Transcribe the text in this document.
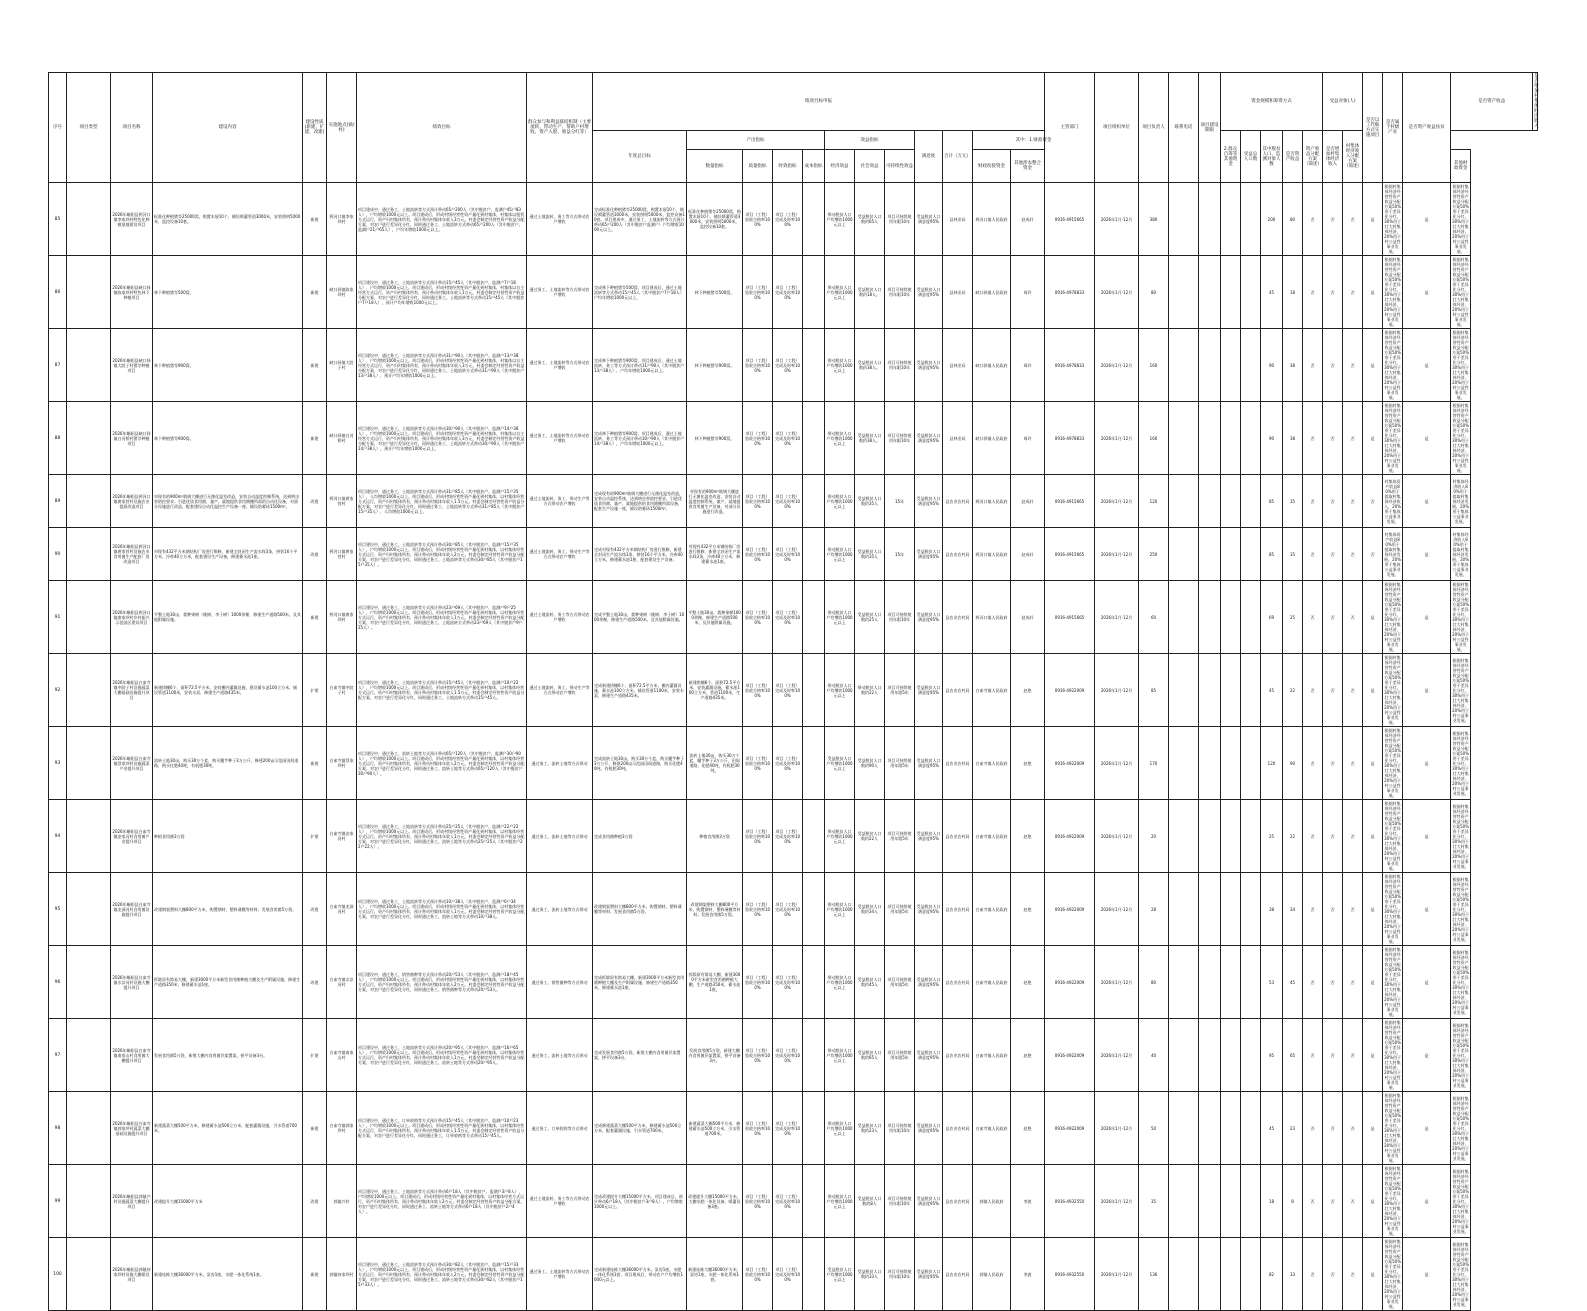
序号	项目类型	项目名称	建设内容	建设性质(新建、扩建、改建)	实施地点(镇/村)	绩效目标	群众参与和利益联结机制（主要流转、带动生产、帮助户村增收、资产入股、收益分红等）	绩效目标申报												主管部门	项目组织单位	项目负责人	联系电话	项目建设期限	资金规模和筹资方式					受益对象(人)		是否以工代赈方式实施项目	是否属于村级产业	是否资产收益扶贫	是否资产收益	是否增加村集体经济收入
								年度总目标	产出指标				效益指标			满意度	合计（万元）	其中：1.财政资金							2.群众自筹等其他资金	受益总人口数	其中脱贫人口、监测对象人数	是否资产收益	资产收益分配方案（简述）	是否增加村集体经济收入	村集体经济收入分配方案（简述）					
									数量指标	质量指标	时效指标	成本指标	经济效益	社会效益	可持续性效益			财政衔接资金	其他涉农整合资金																其他财政资金	
85		2026年略阳县两河口镇李家坝村特色化种植基地建设项目	标准化种植猪苓25000窝，购置木屐10个，铺设喷灌管道3000米，安装照明5000米，监控设备10套。	新建	两河口镇李家坝村	项目建成中，通过务工、土地流转等方式预计带动65户200人（其中脱贫户、监测户45户83人），户均增收1000元以上。项目建成后，形成村级经营性资产量化到村集体，村集体以租赁方式运行，资产归村集体所有，预计带动村集体年收入3万元。村委会制定经营性资产收益分配方案，对农户进行差异化分红，同时通过务工、土地流转方式带动65户200人（其中脱贫户、监测户21户65人），户均年增收1000元以上。	通过土地流转、务工等方式带动农户增收	完成标准化种植猪苓25000窝，购置木屐10个，铺设喷灌管道3000米，安装照明5000米，监控设备10套。项目建成中，通过务工、土地流转等方式预计带动65户200人（其中脱贫户监测户）户均增收1000元以上。	标准化种植猪苓25000窝，购置木屐10个，铺设喷灌管道3000米，安装照明5000米，监控设备10套。	项目（工程）验收合格率100%	项目（工程）完成及时率100%		带动脱贫人口户均增收1000元以上	受益脱贫人口数约65人	项目可持续使用年限10年	受益脱贫人口满意度95%	县林业局	两河口镇人民政府	赵成轩	0916-4915665	2026年1月-12月	380					200	80	否	否	否	是	根据村集体经济经营性资产收益分配方案50%用于差异化分红，30%用于壮大村集体经济，20%用于村公益性事业发展。	是	根据村集体经济经营性资产收益分配方案50%用于差异化分红，30%用于壮大村集体经济，20%用于村公益性事业发展。	
86		2026年略阳县峡口驿镇陈家坝村特色林下种植项目	林下种植猪苓500窝。	新建	峡口驿镇陈家坝村	项目建设中，通过务工、土地流转等方式预计带动15户45人（其中脱贫户、监测户7户18人），户均增收1000元以上。项目建成后，形成村级经营性资产量化到村集体，村集体以自主经营方式运行，资产归村集体所有，预计带动村集体年收入1万元，村委会制定经营性资产收益分配方案，对农户进行差异化分红，同时通过务工、土地流转等方式带动15户45人（其中脱贫户7户18人），预计户均年增收1000元以上。	通过务工、土地流转等方式带动农户增收	完成林下种植猪苓500窝，项目建成后，通过土地流转等方式带动15户45人（其中脱贫户7户18人）户均年增收1000元以上。	林下种植猪苓500窝。	项目（工程）验收合格率100%	项目（工程）完成及时率100%		带动脱贫人口户均增收1000元以上	受益脱贫人口数约18人。	项目可持续使用年限10年	受益脱贫人口满意度95%	县林业局	峡口驿镇人民政府	周玲	0916-4978833	2026年1月-12月	80					45	18	否	否	否	是	根据村集体经济经营性资产收益分配方案50%用于差异化分红，30%用于壮大村集体经济，20%用于村公益性事业发展。	是	根据村集体经济经营性资产收益分配方案50%用于差异化分红，30%用于壮大村集体经济，20%用于村公益性事业发展。	
87		2026年略阳县峡口驿镇大院子村猪苓种植项目	林下种植猪苓900窝。	新建	峡口驿镇大院子村	项目建设中，通过务工、土地流转等方式预计带动31户90人（其中脱贫户、监测户13户38人），户均增收1000元以上。项目建成后，形成村级经营性资产量化到村集体，村集体以自主经营方式运行，资产归村集体所有，预计带动村集体年收入3万元，村委会制定经营性资产收益分配方案，对农户进行差异化分红，同时通过务工、土地流转方式带动31户90人（其中脱贫户13户38人），预计户均年增收1000元以上。	通过务工、土地流转等方式带动农户增收	完成林下种植猪苓900窝，项目建成后，通过土地流转、务工等方式预计带动31户90人（其中脱贫户13户38人），户均年增收1000元以上。	林下种植猪苓900窝。	项目（工程）验收合格率100%	项目（工程）完成及时率100%		带动脱贫人口户均增收1000元以上	受益脱贫人口数约38人。	项目可持续使用年限10年	受益脱贫人口满意度95%	县林业局	峡口驿镇人民政府	周玲	0916-4978833	2026年1月-12月	160					90	38	否	否	否	是	根据村集体经济经营性资产收益分配方案50%用于差异化分红，30%用于壮大村集体经济，20%用于村公益性事业发展。	是	根据村集体经济经营性资产收益分配方案50%用于差异化分红，30%用于壮大村集体经济，20%用于村公益性事业发展。	
88		2026年略阳县峡口驿镇白河桥村猪苓种植项目	林下种植猪苓900窝。	新建	峡口驿镇白河桥村	项目建设中，通过务工、土地流转等方式预计带动30户90人（其中脱贫户、监测户14户38人），户均增收1000元以上。项目建成后，形成村级经营性资产量化到村集体，村集体以自主经营方式运行，资产归村集体所有，预计带动村集体年收入3万元，村委会制定经营性资产收益分配方案，对农户进行差异化分红，同时通过务工、土地流转方式带动30户90人（其中脱贫户14户38人），预计户均年增收1000元以上。	通过务工、土地流转等方式带动农户增收	完成林下种植猪苓900窝，项目建成后，通过土地流转、务工等方式预计带动30户90人（其中脱贫户14户38人），户均年增收1000元以上。	林下种植猪苓900窝。	项目（工程）验收合格率100%	项目（工程）完成及时率100%		带动脱贫人口户均增收1000元以上	受益脱贫人口数约38人。	项目可持续使用年限10年	受益脱贫人口满意度95%	县林业局	峡口驿镇人民政府	周玲	0916-4978833	2026年1月-12月	160					90	38	否	否	否	是	根据村集体经济经营性资产收益分配方案50%用于差异化分红，30%用于壮大村集体经济，20%用于村公益性事业发展。	是	根据村集体经济经营性资产收益分配方案50%用于差异化分红，30%用于壮大村集体经济，20%用于村公益性事业发展。	
89		2026年略阳县两河口镇黄家营村设施农业提质改造项目	对现有的900m²玻璃大棚进行无菌化温室改造，安装自动温度控制系统，达到病虫害防控要求；引进优质食用菌、兼产、就地提供食用菌棚所需的自动化设备，对部分设施进行改造，配套建设自动化温控生产设备一座，铺设防雾砖1500m²。	改建	两河口镇黄家营村	项目建设中，通过务工、土地流转等方式预计带动31户85人（其中脱贫户、监测户15户35人），人均增收1000元以上。项目建成后，形成村级经营性资产量化到村集体，以村集体经营方式运行，资产归村集体所有，预计带动村集体年收入1.5万元，村委会制定经营性资产收益分配方案，对农户进行差异化分红，同时通过务工、土地流转等方式带动31户85人（其中脱贫户15户35人），人均增收1000元以上。	通过土地流转、务工、带动生产等方式带动农户增收	完成现有的900m²玻璃大棚进行无菌化温室改造，安装自动温控系统，达到病虫害防控要求，引进优质食用菌、兼产、就地提供的食用菌棚所需设备，配套生产设施一座，铺设防雾砖1500m²。	对现有的900m²玻璃大棚进行无菌化温室改造，安装自动温度控制系统，兼产、就地提供食用菌生产设备，对部分设施进行改造。	项目（工程）验收合格率100%	项目（工程）完成及时率100%		带动脱贫人口户均增收1000元以上	受益脱贫人口数约35人	15年	受益脱贫人口满意度95%	县农业农村局	两河口镇人民政府	赵成轩	0916-4915665	2026年1月-12月	120					85	35	否	否	否	否	村集体资产收益80%用于提取村集体经济收入，20%用于集体公益事业发展。	是	村集体经济收入80%用于提取村集体经济发展，20%用于集体公益事业发展。	
90		2026年略阳县两河口镇黄家营村设施农业食用菌生产配套厂房改造项目	对现有432平方米钢结构厂房进行维修，新建全封闭生产流水线3条，拼装16个平方米，冷库40立方米，配套建设生产设备，修建蓄水池1座。	改建	两河口镇黄家营村	项目建设中，通过务工、土地流转等方式预计带动30户85人（其中脱贫户、监测户15户35人），户均增收1000元以上。项目建成后，形成村级经营性资产量化到村集体，以村集体经营方式运行，资产归村集体所有，预计带动村集体年收入2万元，村委会制定经营性资产收益分配方案，对农户进行差异化分红，同时通过务工、土地流转等方式带动30户85人（其中脱贫户15户35人）。	通过土地流转、务工、带动生产等方式带动农户增收	完成对现有432平方米钢结构厂房进行维修，新建全封闭生产流水线3条，拼装16个平方米，冷库40立方米，修建蓄水池1座，配套建设生产设备。	对现有432平方米钢结构厂房进行维修，新建全封闭生产流水线3条，冷库40立方米，修建蓄水池1座。	项目（工程）验收合格率100%	项目（工程）完成及时率100%		带动脱贫人口户均增收1000元以上	受益脱贫人口数约35人	15年	受益脱贫人口满意度95%	县农业农村局	两河口镇人民政府	赵成轩	0916-4915665	2026年1月-12月	250					85	35	否	否	否	否	村集体资产收益80%用于提取村集体经济发展，20%用于集体公益事业发展。	是	村集体经济收入80%用于提取村集体经济发展，20%用于集体公益事业发展。	
91		2026年略阳县两河口镇康家坝村乡村振兴示范园区建设项目	平整土地30亩，栽种果树（桃树、李子树）1000余棵，修建生产道路500米，及其他附属设施。	新建	两河口镇康家坝村	项目建设中，通过务工、土地流转等方式预计带动23户69人（其中脱贫户、监测户9户25人），户均增收1000元以上。项目建成后，形成村级经营性资产量化到村集体，以村集体经营方式运行，资产归村集体所有，预计带动村集体年收入1万元，村委会制定经营性资产收益分配方案，对农户进行差异化分红，同时通过务工、土地流转方式带动23户69人（其中脱贫户9户25人）。	通过土地流转、务工等方式带动农户增收	完成平整土地30亩，栽种果树（桃树、李子树）1000余棵，修建生产道路500米，及其他附属设施。	平整土地30亩，栽种果树1000余棵，修建生产道路500米，及其他附属设施。	项目（工程）验收合格率100%	项目（工程）完成及时率100%		带动脱贫人口户均增收1000元以上	受益脱贫人口数约25人	项目可持续使用年限10年	受益脱贫人口满意度95%	县农业农村局	两河口镇人民政府	赵成轩	0916-4915665	2026年1月-12月	60					69	25	否	否	否	是	根据村集体经济经营性资产收益分配方案50%用于差异化分红，30%用于壮大村集体经济，20%用于村公益性事业发展。	是	根据村集体经济经营性资产收益分配方案50%用于差异化分红，30%用于壮大村集体经济，20%用于村公益性事业发展。	
92		2026年略阳县白雀寺镇中院子村设施蔬菜大棚基础设施提升项目	新建拱棚6个，面积72.5平方米，安装棚内灌溉设施，建设蓄水池100立方米，铺设管道1100米，安装水泵，修建生产道路435米。	扩建	白雀寺镇中院子村	项目建设中，通过务工、土地流转等方式预计带动15户45人（其中脱贫户、监测户10户22人），户均增收1000元以上。项目建成后，形成村级经营性资产量化到村集体，以村集体经营方式运行，资产归村集体所有，预计带动村集体年收入1.5万元，村委会制定经营性资产收益分配方案，对农户进行差异化分红，同时通过务工、土地流转方式带动15户45人。	通过土地流转、务工、带动生产等方式带动农户增收	完成新建拱棚6个，面积72.5平方米，棚内灌溉设施，蓄水池100立方米，铺设管道1100米，安装水泵，修建生产道路435米。	新建拱棚6个，面积72.5平方米，安装灌溉设施，蓄水池100立方米，管道1100米，生产道路435米。	项目（工程）验收合格率100%	项目（工程）完成及时率100%		带动脱贫人口户均增收1000元以上	带动脱贫人口数约22人	项目可持续使用年限5年	受益脱贫人口满意度95%	县农业农村局	白雀寺镇人民政府	赵艳	0916-4922009	2026年1月-12月	85					45	22	否	否	否	是	根据村集体经济经营性资产收益分配方案50%用于差异化分红，30%用于壮大村集体经济，20%用于村公益性事业发展。	是	根据村集体经济经营性资产收益分配方案50%用于差异化分红，30%用于壮大村集体经济，20%用于村公益事业发展。	
93		2026年略阳县白雀寺镇蔡家坝村设施蔬菜产业提升项目	流转土地30亩，购买30万个盆，购买魔芋种子3万公斤，修建200亩示范园田间道路，购买化肥40吨，有机肥30吨。	新建	白雀寺镇蔡家坝村	项目建设中，通过务工、流转土地等方式预计带动65户120人（其中脱贫户、监测户30户90人），户均增收1000元以上。项目建成后，形成村级经营性资产量化到村集体，以村集体经营方式运行，资产归村集体所有，预计带动村集体年收入2万元，村委会制定经营性资产收益分配方案，对农户进行差异化分红，同时通过务工、流转土地等方式带动65户120人（其中脱贫户30户90人）。	通过务工、流转土地等方式带动	完成流转土地30亩，购买30万个盆，购买魔芋种子3万公斤，修建200亩示范园田间道路，购买化肥40吨，有机肥30吨。	流转土地30亩，购买30万个盆，魔芋种子3万公斤，田间道路，化肥40吨，有机肥30吨。	项目（工程）验收合格率100%	项目（工程）完成及时率100%		受益脱贫人口户均增收1000元以上	受益脱贫人口数约90人	项目可持续使用年限5年	受益脱贫人口满意度95%	县农业农村局	白雀寺镇人民政府	赵艳	0916-4922009	2026年1月-12月	170					120	90	否	否	否	是	根据村集体经济经营性资产收益分配方案50%用于差异化分红，30%用于壮大村集体经济，20%用于村公益性事业发展。	是	根据村集体经济经营性资产收益分配方案50%用于差异化分红，30%用于壮大村集体经济，20%用于村公益事业发展。	
94		2026年略阳县白雀寺镇安家河村食用菌产业提升项目	种植食用菌3万袋	扩建	白雀寺镇安家河村	项目建设中，通过务工、土地流转等方式预计带动25户25人（其中脱贫户、监测户22户22人），户均增收1000元以上。项目建成后，形成村级经营性资产量化到村集体，以村集体经营方式运行，资产归村集体所有，预计带动村集体年收入1万元，村委会制定经营性资产收益分配方案，对农户进行差异化分红，同时通过务工、流转土地等方式带动25户25人（其中脱贫户22户22人）。	通过务工、流转土地等方式带动	完成食用菌种植3万袋	种植食用菌3万袋	项目（工程）验收合格率100%	项目（工程）完成及时率100%		带动脱贫人口户均增收1000元以上	受益脱贫人口数约22人	项目可持续使用年限5年	受益脱贫人口满意度95%	县农业农村局	白雀寺镇人民政府	赵艳	0916-4922009	2026年1月-12月	20					25	22	否	否	否	是	根据村集体经济经营性资产收益分配方案50%用于差异化分红，30%用于壮大村集体经济，20%用于村公益性事业发展。	是	根据村集体经济经营性资产收益分配方案50%用于差异化分红，30%用于壮大村集体经济，20%用于村公益事业发展。	
95		2026年略阳县白雀寺镇龙洞河村食用菌设施提升项目	改建钢架塑料大棚800平方米，购置钢材、塑料薄膜等材料；发展食用菌5万袋。	改建	白雀寺镇龙洞河村	项目建设中，通过务工、土地流转等方式预计带动10户38人（其中脱贫户、监测户6户34人），户均增收1000元以上。项目建成后，形成村级经营性资产量化到村集体，以村集体经营方式运行，资产归村集体所有，预计带动村集体年收入1万元，村委会制定经营性资产收益分配方案，对农户进行差异化分红，同时通过务工、流转土地等方式带动10户38人。	通过务工、流转土地等方式带动	改建钢架塑料大棚800平方米，购置钢材、塑料薄膜等材料；发展食用菌5万袋。	改建钢架塑料大棚800平方米，购置钢材，塑料薄膜等材料；发展食用菌5万袋。	项目（工程）验收合格率100%	项目（工程）完成及时率100%		带动脱贫人口户均增收1000元以上	受益脱贫人口数约34人	项目可持续使用年限5年	受益脱贫人口满意度95%	县农业农村局	白雀寺镇人民政府	赵艳	0916-4922009	2026年1月-12月	28					38	34	否	否	否	是	根据村集体经济经营性资产收益分配方案50%用于差异化分红，30%用于壮大村集体经济，20%用于村公益性事业发展。	是	根据村集体经济经营性资产收益分配方案50%用于差异化分红，30%用于壮大村集体经济，20%用于村公益事业发展。	
96		2026年略阳县白雀寺镇水淙河村设施大棚提升项目	拆除原有简易大棚，新建3000平方米新型食用菌种植大棚及生产附属设施，修建生产道路350米，修建蓄水池1座。	改建	白雀寺镇水淙河村	项目建设中，通过务工、销售菌种等方式预计带动20户53人（其中脱贫户、监测户18户45人），户均增收1000元以上。项目建成后，形成村级经营性资产量化到村集体，以村集体经营方式运行，资产归村集体所有，预计带动村集体年收入2万元，村委会制定经营性资产收益分配方案，对农户进行差异化分红，同时通过务工、销售菌种等方式带动20户53人。	通过务工、销售菌种等方式带动	完成拆除原有简易大棚，新建3000平方米新型食用菌种植大棚及生产附属设施，修建生产道路350米，修建蓄水池1座。	拆除原有简易大棚，新建3000平方米新型食用菌种植大棚，生产道路350米，蓄水池1座。	项目（工程）验收合格率100%	项目（工程）完成及时率100%		带动脱贫人口户均增收1000元以上	受益脱贫人口数约45人	项目可持续使用年限5年	受益脱贫人口满意度95%	县农业农村局	白雀寺镇人民政府	赵艳	0916-4922009	2026年1月-12月	80					53	45	否	否	否	是	根据村集体经济经营性资产收益分配方案50%用于差异化分红，30%用于壮大村集体经济，20%用于村公益性事业发展。	是	根据村集体经济经营性资产收益分配方案50%用于差异化分红，30%用于壮大村集体经济，20%用于村公益事业发展。	
97		2026年略阳县白雀寺镇南家山村食用菌大棚提升项目	发展食用菌5万袋，新建大棚内食用菌层架置架，拼平设备3台。	扩建	白雀寺镇南家山村	项目建设中，通过务工、土地流转等方式预计带动20户95人（其中脱贫户、监测户16户65人），户均增收1000元以上。项目建成后，形成村级经营性资产量化到村集体，以村集体经营方式运行，资产归村集体所有，预计带动村集体年收入1万元，村委会制定经营性资产收益分配方案，对农户进行差异化分红，同时通过务工、流转土地等方式带动20户95人。	通过务工、流转土地等方式带动	完成发展食用菌5万袋，新建大棚内食用菌层架置架，拼平设备3台。	发展食用菌5万袋，新建大棚内食用菌层架置架，拼平设备3台。	项目（工程）验收合格率100%	项目（工程）完成及时率100%		带动脱贫人口户均增收1000元以上	受益脱贫人口数约65人	项目可持续使用年限5年	受益脱贫人口满意度95%	县农业农村局	白雀寺镇人民政府	赵艳	0916-4922009	2026年1月-12月	40					95	65	否	否	否	是	根据村集体经济经营性资产收益分配方案50%用于差异化分红，30%用于壮大村集体经济，20%用于村公益性事业发展。	是	根据村集体经济经营性资产收益分配方案50%用于差异化分红，30%用于壮大村集体经济，20%用于村公益事业发展。	
98		2026年略阳县白雀寺镇郭家坪村蔬菜大棚基础设施提升项目	新建蔬菜大棚500平方米，修建蓄水池500立方米，配套灌溉设施，引水管道700米。	新建	白雀寺镇郭家坪村	项目建设中，通过务工、订单收购等方式预计带动15户45人（其中脱贫户、监测户10户23人），户均增收1000元以上。项目建成后，形成村级经营性资产量化到村集体，以村集体经营方式运行，资产归村集体所有，预计带动村集体年收入1.5万元，村委会制定经营性资产收益分配方案，对农户进行差异化分红，同时通过务工、订单收购等方式带动15户45人。	通过务工、订单收购等方式带动	完成修建蔬菜大棚500平方米，修建蓄水池500立方米，配套灌溉设施，引水管道700米。	新建蔬菜大棚500平方米，修建蓄水池500立方米，引水管道700米。	项目（工程）验收合格率100%	项目（工程）完成及时率100%		带动脱贫人口户均增收1000元以上	受益脱贫人口数约23人	项目可持续使用年限10年	受益脱贫人口满意度95%	县农业农村局	白雀寺镇人民政府	赵艳	0916-4922009	2026年1月-12月	50					45	23	否	否	否	是	根据村集体经济经营性资产收益分配方案50%用于差异化分红，30%用于壮大村集体经济，20%用于村公益性事业发展。	是	根据村集体经济经营性资产收益分配方案50%用于差异化分红，30%用于壮大村集体经济，20%用于村公益事业发展。	
99		2026年略阳县郭镇兴村设施蔬菜大棚提升项目	改建提升大棚15000平方米	改建	郭镇兴村	项目建设中，通过务工、土地流转等方式预计带动6户18人（其中脱贫户、监测户3户8人），户均增收1000元以上。项目建成后，形成村级经营性资产量化到村集体，以村集体经营方式运行，资产归村集体所有，预计带动村集体年收入2万元，村委会制定经营性资产收益分配方案，对农户进行差异化分红，同时通过务工、流转土地等方式带动6户18人（其中脱贫户2户4人）。	通过土地流转、务工等方式带动农户增收	完成改建提升大棚15000平方米，项目建成后，预计带动6户18人（其中脱贫户3户8人），户均增收1000元以上。	改建提升大棚15000平方米，大棚水肥一体化设备，喷灌设备3套。	项目（工程）验收合格率100%	项目（工程）完成及时率100%		带动脱贫人口户均增收1000元以上	受益脱贫人口数约8人	项目可持续使用年限10年	受益脱贫人口满意度95%	县农业农村局	郭镇人民政府	李波	0916-4932550	2026年1月-12月	35					18	8	否	否	否	是	根据村集体经济经营性资产收益分配方案50%用于差异化分红，30%用于壮大村集体经济，20%用于村公益性事业发展。	是	根据村集体经济经营性资产收益分配方案50%用于差异化分红，30%用于壮大村集体经济，20%用于村公益事业发展。	
100		2026年略阳县郭镇何家坝村设施大棚建设项目	新建连栋大棚36000平方米，泵房1座，水肥一体化系统1套。	新建	郭镇何家坝村	项目建设中，通过务工、土地流转等方式预计带动30户82人（其中脱贫户、监测户15户33人），户均增收1000元以上。项目建成后，形成村级经营性资产量化到村集体，以村集体经营方式运行，资产归村集体所有，预计带动村集体年收入2万元，村委会制定经营性资产收益分配方案，对农户进行差异化分红，同时通过务工、流转土地等方式带动30户82人（其中脱贫户15户33人）。	通过务工、土地流转等方式带动农户增收	完成新建连栋大棚36000平方米，泵房1座，水肥一体化系统1套，项目建成后，带动农户户均增收1000元以上。	新建连栋大棚36000平方米，泵房1座，水肥一体化系统1套。	项目（工程）验收合格率100%	项目（工程）完成及时率100%		受益脱贫人口户均增收1000元以上	受益脱贫人口数约33人	项目可持续使用年限10年	受益脱贫人口满意度95%	县农业农村局	郭镇人民政府	李波	0916-4932550	2026年1月-12月	136					82	33	否	否	否	是	根据村集体经济经营性资产收益分配方案50%用于差异化分红，30%用于壮大村集体经济，20%用于村公益性事业发展。	是	根据村集体经济经营性资产收益分配方案50%用于差异化分红，30%用于壮大村集体经济，20%用于村公益事业发展。	
